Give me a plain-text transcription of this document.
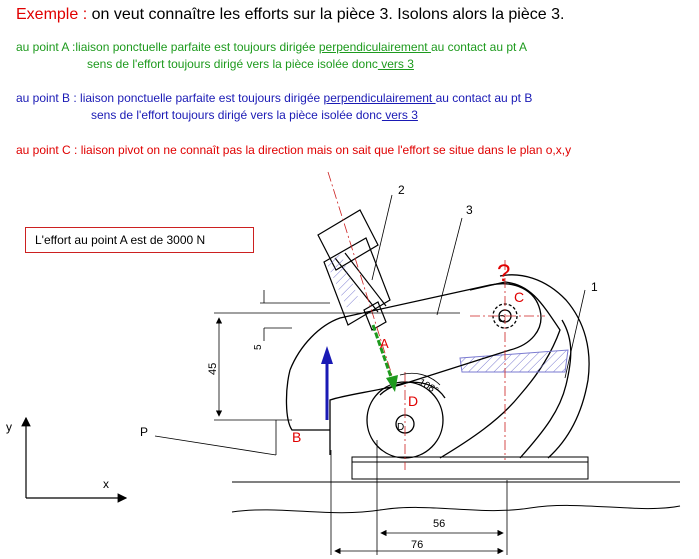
Exemple : on veut connaître les efforts sur la pièce 3. Isolons alors la pièce 3.
au point A :liaison ponctuelle parfaite est toujours dirigée perpendiculairement au contact au pt A
sens de l'effort toujours dirigé vers la pièce isolée donc vers 3
au point B : liaison ponctuelle parfaite est toujours dirigée perpendiculairement au contact au pt B
sens de l'effort toujours dirigé vers la pièce isolée donc vers 3
au point C : liaison pivot on ne connaît pas la direction mais on sait que l'effort se situe dans le plan o,x,y
y
x
45
5
56
76
108°
2
3
1
P
A
B
C
C
D
D
?
L'effort au point A est de 3000 N
